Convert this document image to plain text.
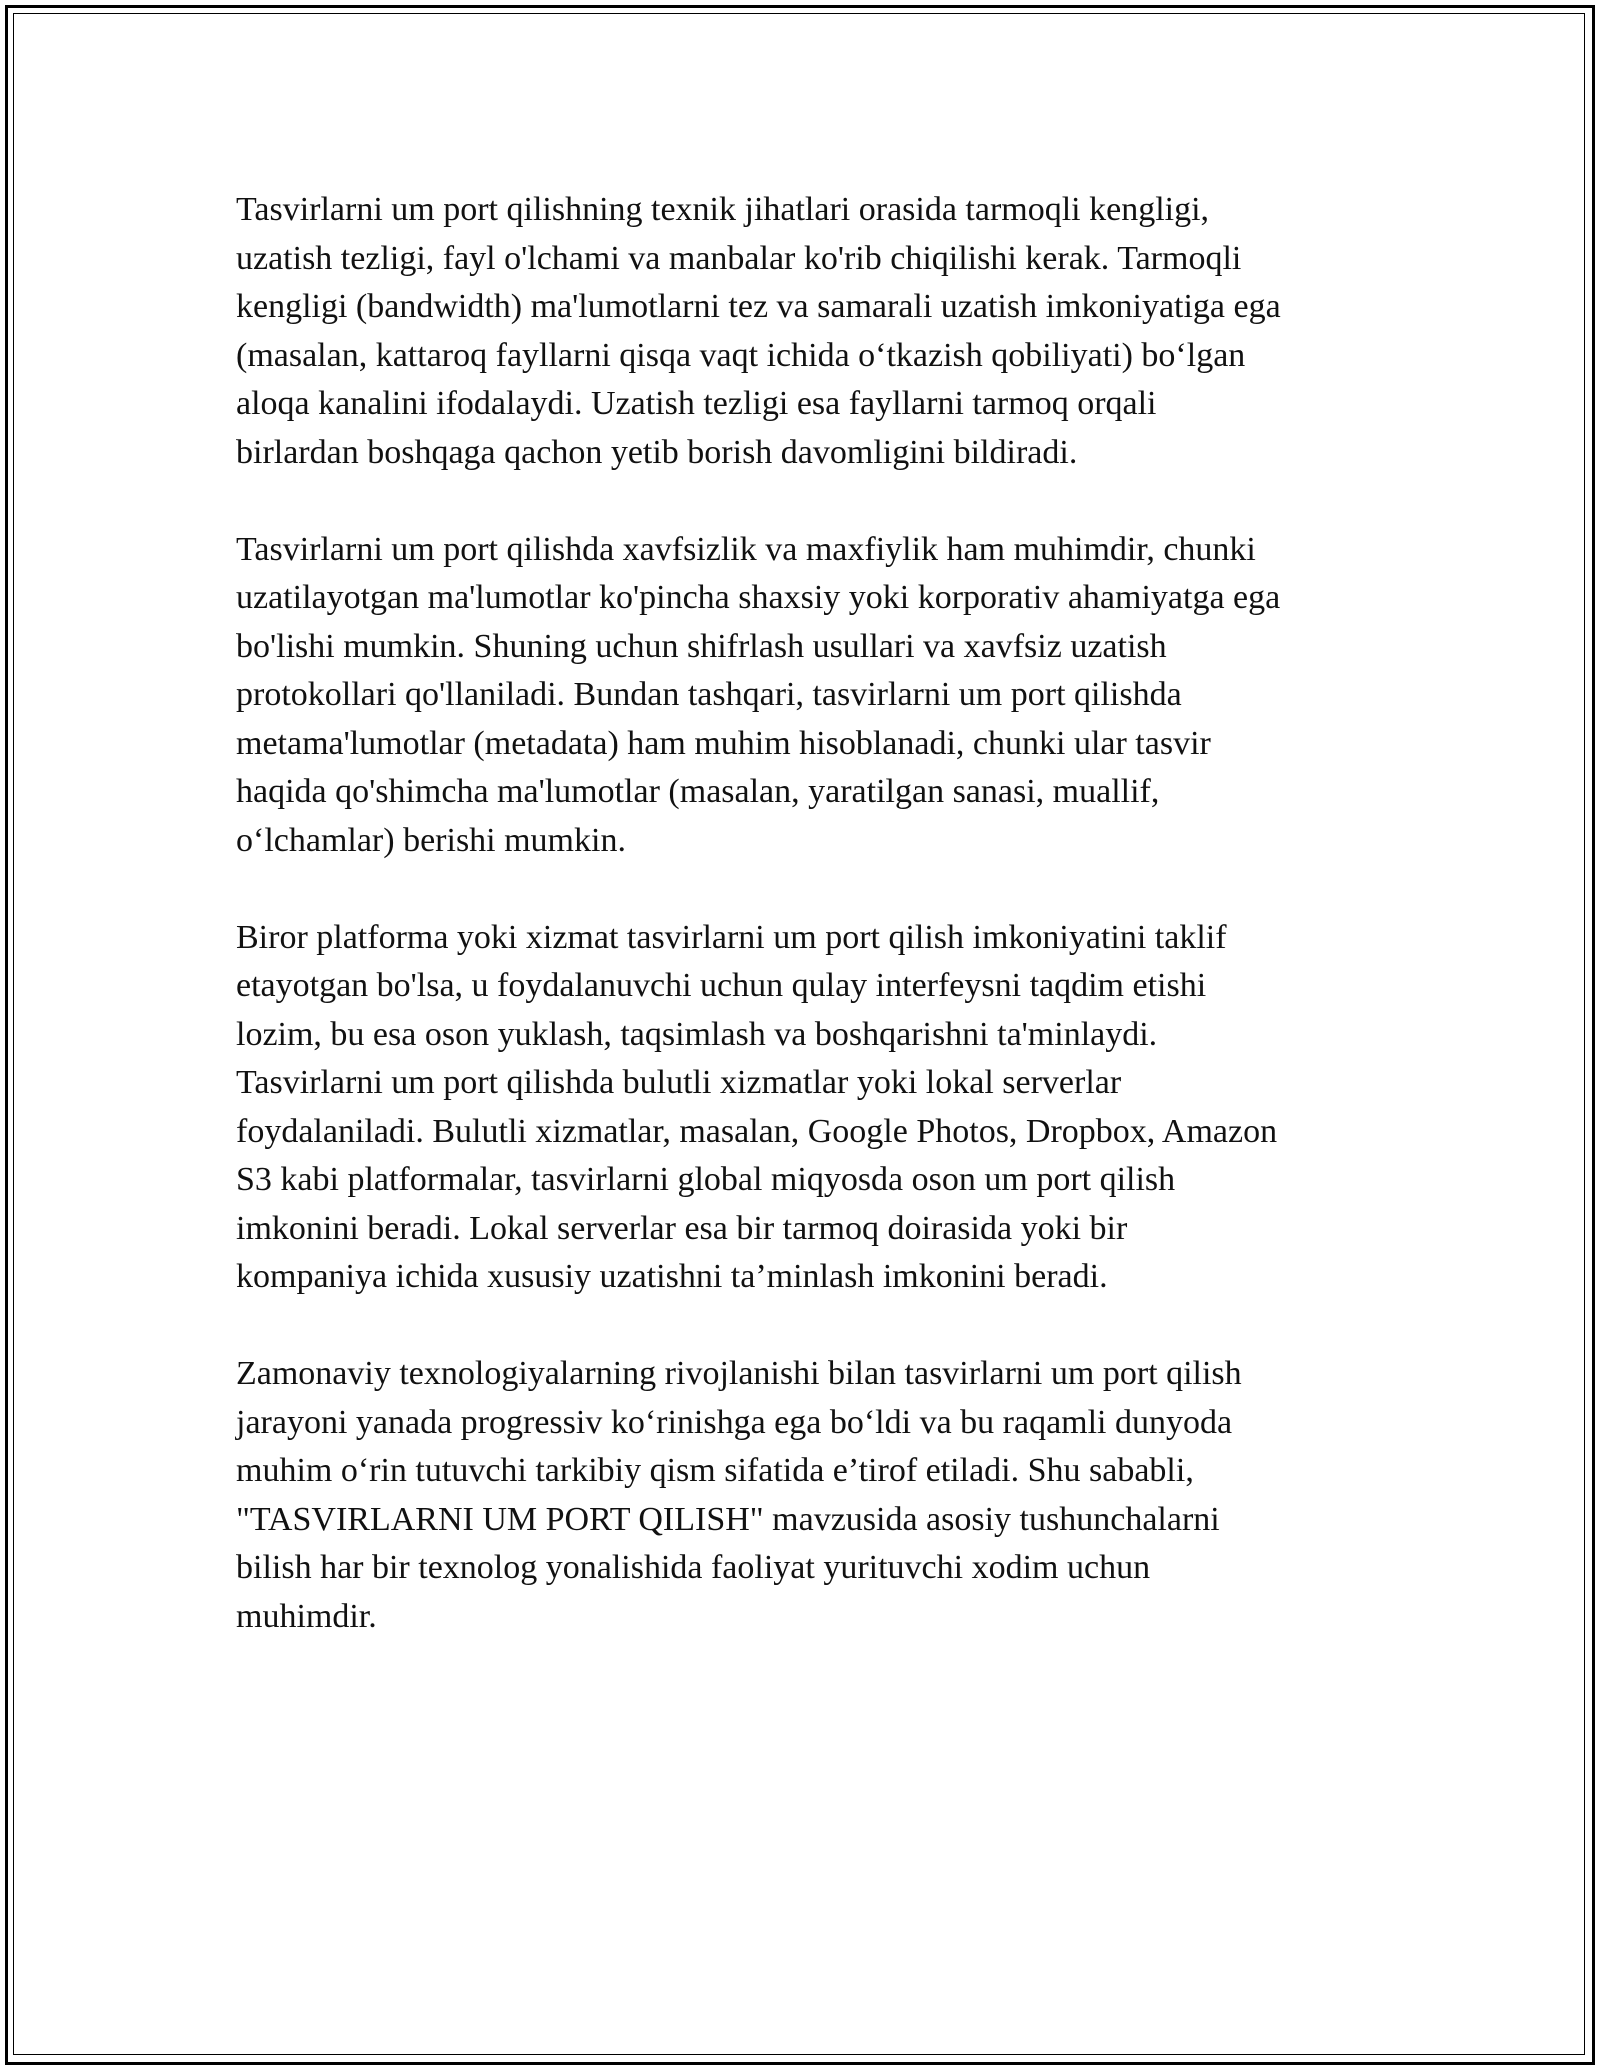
Tasvirlarni um port qilishning texnik jihatlari orasida tarmoqli kengligi,
uzatish tezligi, fayl o'lchami va manbalar ko'rib chiqilishi kerak. Tarmoqli
kengligi (bandwidth) ma'lumotlarni tez va samarali uzatish imkoniyatiga ega
(masalan, kattaroq fayllarni qisqa vaqt ichida o‘tkazish qobiliyati) bo‘lgan
aloqa kanalini ifodalaydi. Uzatish tezligi esa fayllarni tarmoq orqali
birlardan boshqaga qachon yetib borish davomligini bildiradi.

Tasvirlarni um port qilishda xavfsizlik va maxfiylik ham muhimdir, chunki
uzatilayotgan ma'lumotlar ko'pincha shaxsiy yoki korporativ ahamiyatga ega
bo'lishi mumkin. Shuning uchun shifrlash usullari va xavfsiz uzatish
protokollari qo'llaniladi. Bundan tashqari, tasvirlarni um port qilishda
metama'lumotlar (metadata) ham muhim hisoblanadi, chunki ular tasvir
haqida qo'shimcha ma'lumotlar (masalan, yaratilgan sanasi, muallif,
o‘lchamlar) berishi mumkin.

Biror platforma yoki xizmat tasvirlarni um port qilish imkoniyatini taklif
etayotgan bo'lsa, u foydalanuvchi uchun qulay interfeysni taqdim etishi
lozim, bu esa oson yuklash, taqsimlash va boshqarishni ta'minlaydi.
Tasvirlarni um port qilishda bulutli xizmatlar yoki lokal serverlar
foydalaniladi. Bulutli xizmatlar, masalan, Google Photos, Dropbox, Amazon
S3 kabi platformalar, tasvirlarni global miqyosda oson um port qilish
imkonini beradi. Lokal serverlar esa bir tarmoq doirasida yoki bir
kompaniya ichida xususiy uzatishni ta’minlash imkonini beradi.

Zamonaviy texnologiyalarning rivojlanishi bilan tasvirlarni um port qilish
jarayoni yanada progressiv ko‘rinishga ega bo‘ldi va bu raqamli dunyoda
muhim o‘rin tutuvchi tarkibiy qism sifatida e’tirof etiladi. Shu sababli,
"TASVIRLARNI UM PORT QILISH" mavzusida asosiy tushunchalarni
bilish har bir texnolog yonalishida faoliyat yurituvchi xodim uchun
muhimdir.
